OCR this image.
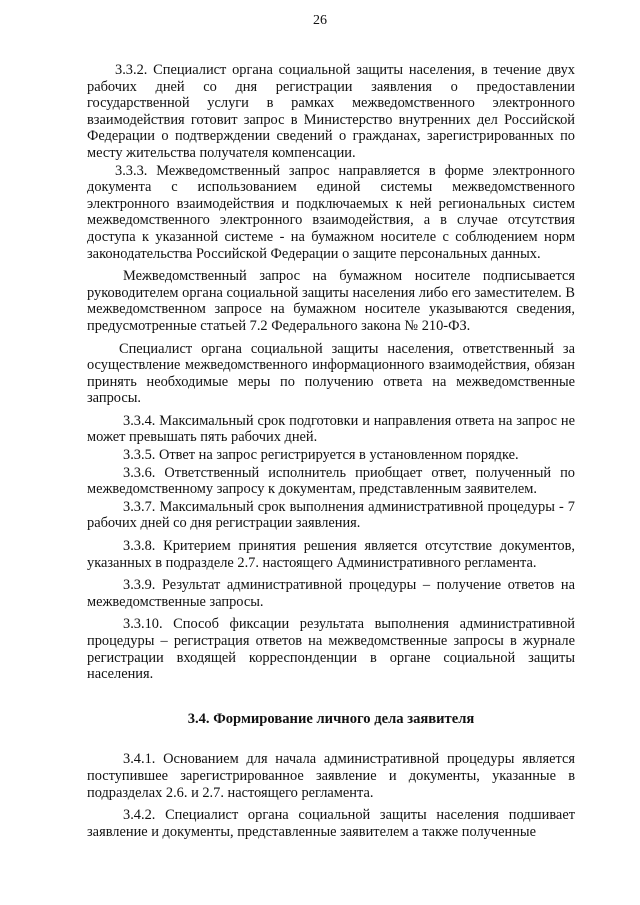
26

3.3.2. Специалист органа социальной защиты населения, в течение двух рабочих дней со дня регистрации заявления о предоставлении государственной услуги в рамках межведомственного электронного взаимодействия готовит запрос в Министерство внутренних дел Российской Федерации о подтверждении сведений о гражданах, зарегистрированных по месту жительства получателя компенсации.

3.3.3. Межведомственный запрос направляется в форме электронного документа с использованием единой системы межведомственного электронного взаимодействия и подключаемых к ней региональных систем межведомственного электронного взаимодействия, а в случае отсутствия доступа к указанной системе - на бумажном носителе с соблюдением норм законодательства Российской Федерации о защите персональных данных.

Межведомственный запрос на бумажном носителе подписывается руководителем органа социальной защиты населения либо его заместителем. В межведомственном запросе на бумажном носителе указываются сведения, предусмотренные статьей 7.2 Федерального закона № 210-ФЗ.

Специалист органа социальной защиты населения, ответственный за осуществление межведомственного информационного взаимодействия, обязан принять необходимые меры по получению ответа на межведомственные запросы.

3.3.4. Максимальный срок подготовки и направления ответа на запрос не может превышать пять рабочих дней.

3.3.5. Ответ на запрос регистрируется в установленном порядке.

3.3.6. Ответственный исполнитель приобщает ответ, полученный по межведомственному запросу к документам, представленным заявителем.

3.3.7. Максимальный срок выполнения административной процедуры - 7 рабочих дней со дня регистрации заявления.

3.3.8. Критерием принятия решения является отсутствие документов, указанных в подразделе 2.7. настоящего Административного регламента.

3.3.9. Результат административной процедуры – получение ответов на межведомственные запросы.

3.3.10. Способ фиксации результата выполнения административной процедуры – регистрация ответов на межведомственные запросы в журнале регистрации входящей корреспонденции в органе социальной защиты населения.

3.4. Формирование личного дела заявителя

3.4.1. Основанием для начала административной процедуры является поступившее зарегистрированное заявление и документы, указанные в подразделах 2.6. и 2.7. настоящего регламента.

3.4.2. Специалист органа социальной защиты населения подшивает заявление и документы, представленные заявителем а также полученные
